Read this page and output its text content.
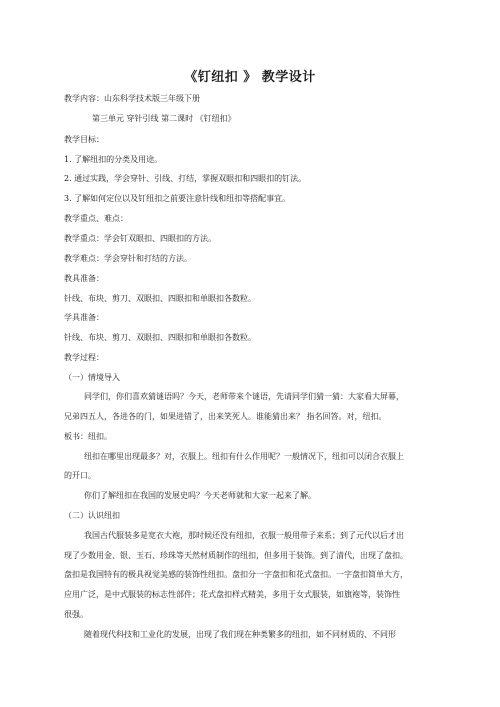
《钉纽扣 》 教学设计
教学内容：山东科学技术版三年级下册
第三单元 穿针引线 第二课时 《钉纽扣》
教学目标：
1. 了解纽扣的分类及用途。
2. 通过实践，学会穿针、引线、打结，掌握双眼扣和四眼扣的钉法。
3. 了解如何定位以及钉纽扣之前要注意针线和纽扣等搭配事宜。
教学重点、难点：
教学重点：学会钉双眼扣、四眼扣的方法。
教学难点：学会穿针和打结的方法。
教具准备：
针线、布块、剪刀、双眼扣、四眼扣和单眼扣各数粒。
学具准备：
针线、布块、剪刀、双眼扣、四眼扣和单眼扣各数粒。
教学过程：
（一）情境导入
同学们，你们喜欢猜谜语吗？今天，老师带来个谜语，先请同学们猜一猜：大家看大屏幕，
兄弟四五人，各进各的门，如果进错了，出来笑死人。谁能猜出来？ 指名回答。对，纽扣。
板书：纽扣。
纽扣在哪里出现最多？对，衣服上。纽扣有什么作用呢？一般情况下，纽扣可以闭合衣服上
的开口。
你们了解纽扣在我国的发展史吗？今天老师就和大家一起来了解。
（二）认识纽扣
我国古代服装多是宽衣大袍，那时候还没有纽扣，衣服一般用带子来系；到了元代以后才出
现了少数用金、银、玉石、珍珠等天然材质制作的纽扣，但多用于装饰。到了清代，出现了盘扣。
盘扣是我国特有的极具视觉美感的装饰性纽扣。盘扣分一字盘扣和花式盘扣。一字盘扣简单大方，
应用广泛，是中式服装的标志性部件；花式盘扣样式精美，多用于女式服装，如旗袍等，装饰性
很强。
随着现代科技和工业化的发展，出现了我们现在种类繁多的纽扣，如不同材质的、不同形
